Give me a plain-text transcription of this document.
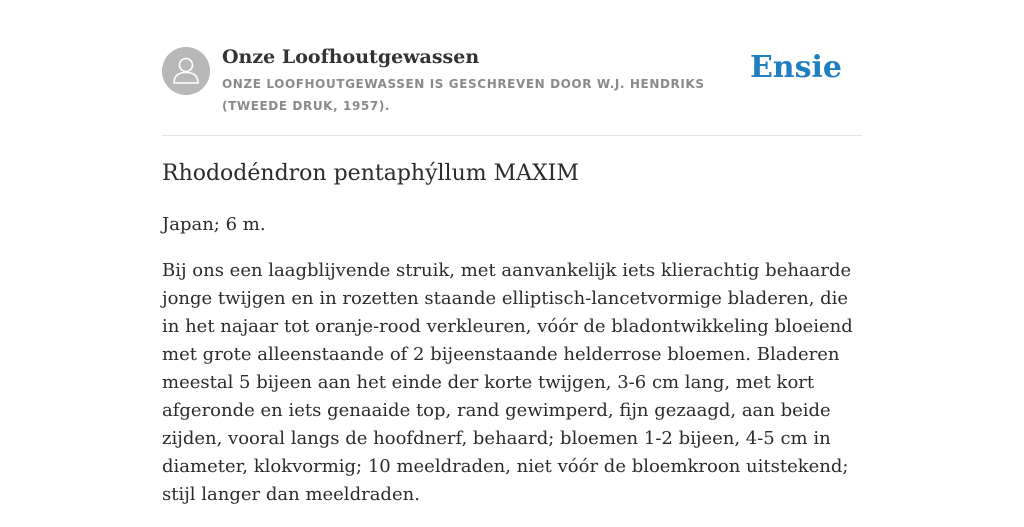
Onze Loofhoutgewassen

ONZE LOOFHOUTGEWASSEN IS GESCHREVEN DOOR W.J. HENDRIKS (TWEEDE DRUK, 1957).

Ensie
Rhododéndron pentaphýllum MAXIM

Japan; 6 m.

Bij ons een laagblijvende struik, met aanvankelijk iets klierachtig behaarde jonge twijgen en in rozetten staande elliptisch-lancetvormige bladeren, die in het najaar tot oranje-rood verkleuren, vóór de bladontwikkeling bloeiend met grote alleenstaande of 2 bijeenstaande helderrose bloemen. Bladeren meestal 5 bijeen aan het einde der korte twijgen, 3-6 cm lang, met kort afgeronde en iets genaaide top, rand gewimperd, fijn gezaagd, aan beide zijden, vooral langs de hoofdnerf, behaard; bloemen 1-2 bijeen, 4-5 cm in diameter, klokvormig; 10 meeldraden, niet vóór de bloemkroon uitstekend; stijl langer dan meeldraden.
